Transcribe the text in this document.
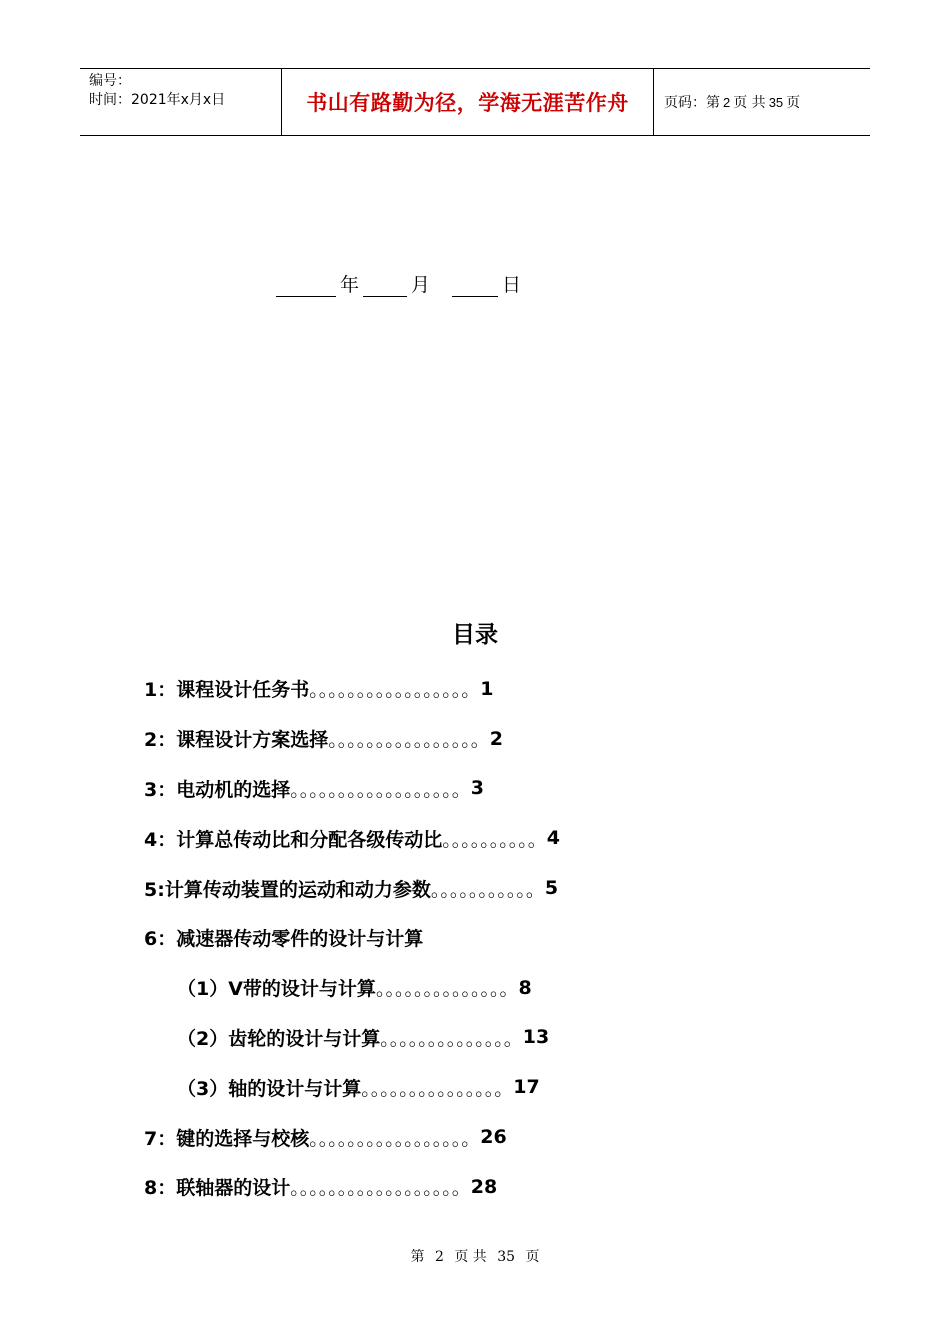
编号：
时间：2021年x月x日	书山有路勤为径，学海无涯苦作舟	页码：第 2 页 共 35 页
年	月	日
目录
1：课程设计任务书 。。。。。。。。。。。。。。。。。 1
2：课程设计方案选择 。。。。。。。。。。。。。。。。 2
3：电动机的选择 。。。。。。。。。。。。。。。。。。 3
4：计算总传动比和分配各级传动比 。。。。。。。。。。 4
5:计算传动装置的运动和动力参数 。。。。。。。。。。。 5
6：减速器传动零件的设计与计算
（1）V带的设计与计算 。。。。。。。。。。。。。。 8
（2）齿轮的设计与计算 。。。。。。。。。。。。。。 13
（3）轴的设计与计算 。。。。。。。。。。。。。。。 17
7：键的选择与校核 。。。。。。。。。。。。。。。。。 26
8：联轴器的设计 。。。。。。。。。。。。。。。。。。 28
第 2 页 共 35 页
